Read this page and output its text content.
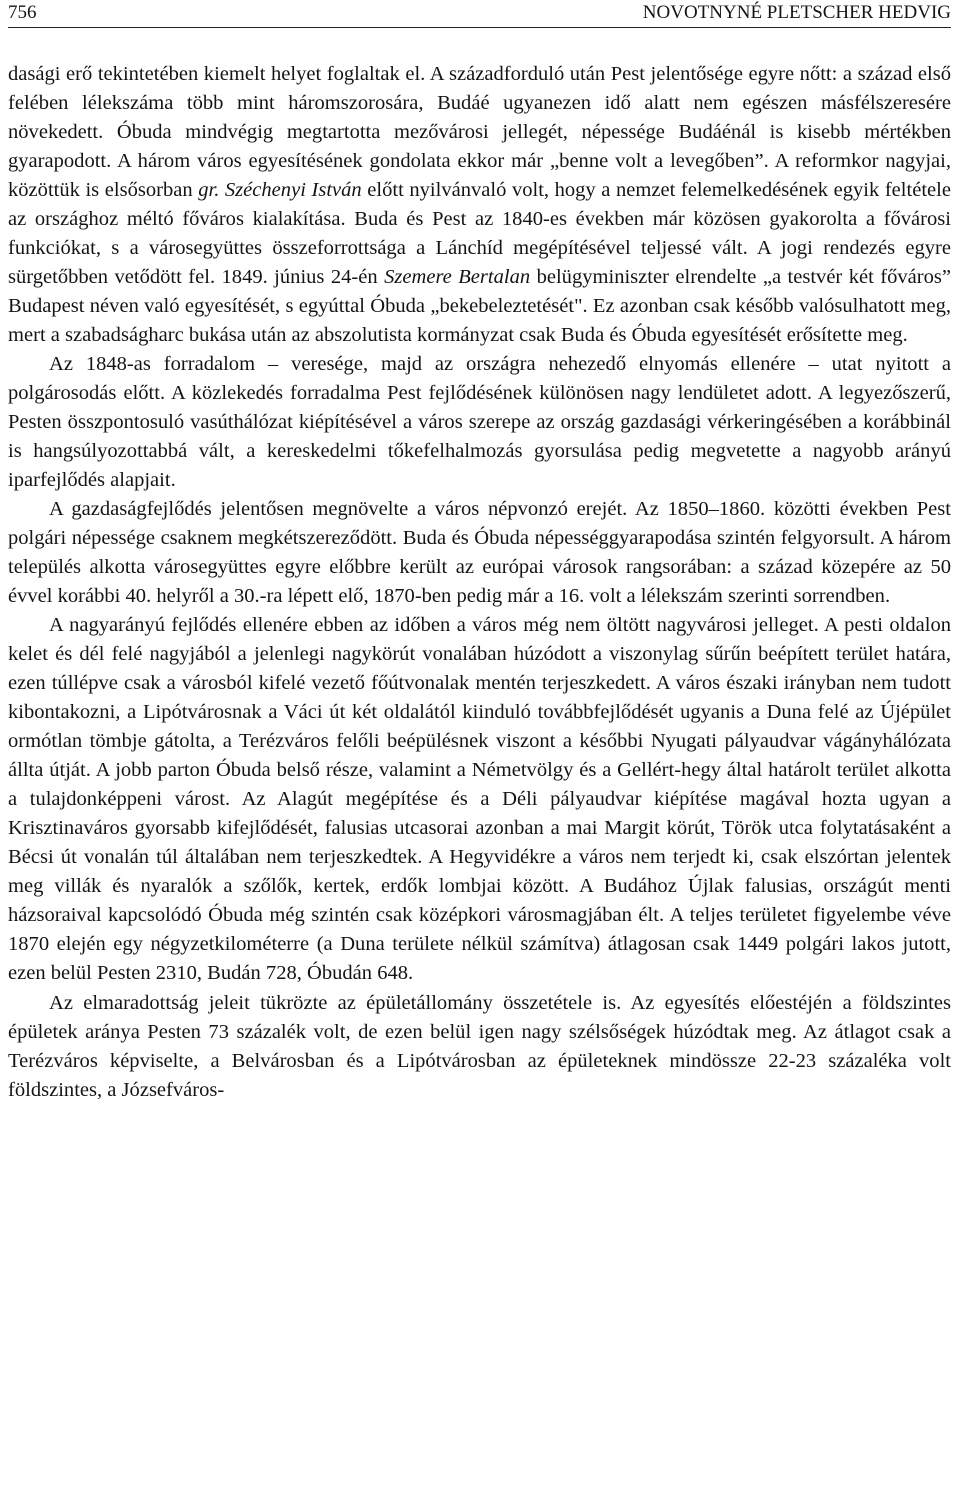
756	NOVOTNYNÉ PLETSCHER HEDVIG

dasági erő tekintetében kiemelt helyet foglaltak el. A századforduló után Pest jelentősége egyre nőtt: a század első felében lélekszáma több mint háromszorosára, Budáé ugyanezen idő alatt nem egészen másfélszeresére növekedett. Óbuda mindvégig megtartotta mezővárosi jellegét, népessége Budáénál is kisebb mértékben gyarapodott. A három város egyesítésének gondolata ekkor már „benne volt a levegőben”. A reformkor nagyjai, közöttük is elsősorban gr. Széchenyi István előtt nyilvánvaló volt, hogy a nemzet felemelkedésének egyik feltétele az országhoz méltó főváros kialakítása. Buda és Pest az 1840-es években már közösen gyakorolta a fővárosi funkciókat, s a városegyüttes összeforrottsága a Lánchíd megépítésével teljessé vált. A jogi rendezés egyre sürgetőbben vetődött fel. 1849. június 24-én Szemere Bertalan belügyminiszter elrendelte „a testvér két főváros” Budapest néven való egyesítését, s egyúttal Óbuda „bekebeleztetését". Ez azonban csak később valósulhatott meg, mert a szabadságharc bukása után az abszolutista kormányzat csak Buda és Óbuda egyesítését erősítette meg.

Az 1848-as forradalom – veresége, majd az országra nehezedő elnyomás ellenére – utat nyitott a polgárosodás előtt. A közlekedés forradalma Pest fejlődésének különösen nagy lendületet adott. A legyezőszerű, Pesten összpontosuló vasúthálózat kiépítésével a város szerepe az ország gazdasági vérkeringésében a korábbinál is hangsúlyozottabbá vált, a kereskedelmi tőkefelhalmozás gyorsulása pedig megvetette a nagyobb arányú iparfejlődés alapjait.

A gazdaságfejlődés jelentősen megnövelte a város népvonzó erejét. Az 1850–1860. közötti években Pest polgári népessége csaknem megkétszereződött. Buda és Óbuda népességgyarapodása szintén felgyorsult. A három település alkotta városegyüttes egyre előbbre került az európai városok rangsorában: a század közepére az 50 évvel korábbi 40. helyről a 30.-ra lépett elő, 1870-ben pedig már a 16. volt a lélekszám szerinti sorrendben.

A nagyarányú fejlődés ellenére ebben az időben a város még nem öltött nagyvárosi jelleget. A pesti oldalon kelet és dél felé nagyjából a jelenlegi nagykörút vonalában húzódott a viszonylag sűrűn beépített terület határa, ezen túllépve csak a városból kifelé vezető főútvonalak mentén terjeszkedett. A város északi irányban nem tudott kibontakozni, a Lipótvárosnak a Váci út két oldalától kiinduló továbbfejlődését ugyanis a Duna felé az Újépület ormótlan tömbje gátolta, a Terézváros felőli beépülésnek viszont a későbbi Nyugati pályaudvar vágányhálózata állta útját. A jobb parton Óbuda belső része, valamint a Németvölgy és a Gellért-hegy által határolt terület alkotta a tulajdonképpeni várost. Az Alagút megépítése és a Déli pályaudvar kiépítése magával hozta ugyan a Krisztinaváros gyorsabb kifejlődését, falusias utcasorai azonban a mai Margit körút, Török utca folytatásaként a Bécsi út vonalán túl általában nem terjeszkedtek. A Hegyvidékre a város nem terjedt ki, csak elszórtan jelentek meg villák és nyaralók a szőlők, kertek, erdők lombjai között. A Budához Újlak falusias, országút menti házsoraival kapcsolódó Óbuda még szintén csak középkori városmagjában élt. A teljes területet figyelembe véve 1870 elején egy négyzetkilométerre (a Duna területe nélkül számítva) átlagosan csak 1449 polgári lakos jutott, ezen belül Pesten 2310, Budán 728, Óbudán 648.

Az elmaradottság jeleit tükrözte az épületállomány összetétele is. Az egyesítés előestéjén a földszintes épületek aránya Pesten 73 százalék volt, de ezen belül igen nagy szélsőségek húzódtak meg. Az átlagot csak a Terézváros képviselte, a Belvárosban és a Lipótvárosban az épületeknek mindössze 22-23 százaléka volt földszintes, a Józsefváros-
